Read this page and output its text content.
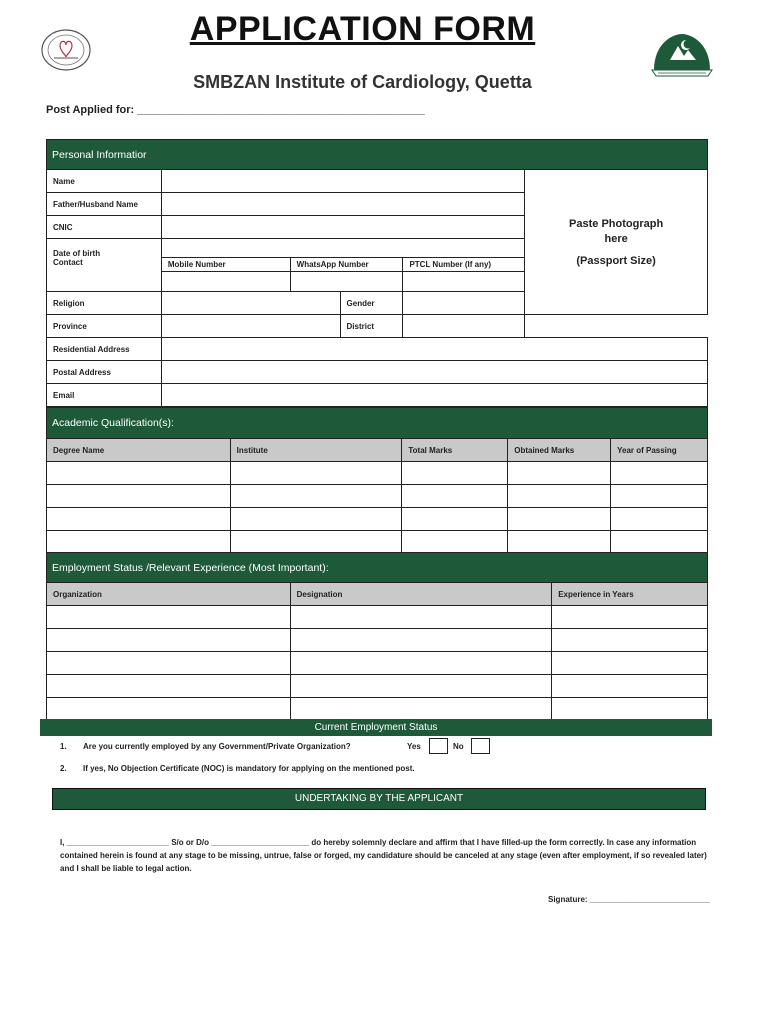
APPLICATION FORM
SMBZAN Institute of Cardiology, Quetta
Post Applied for: _______________________________________________
Personal Informatior					
Name					Paste Photograph
here
(Passport Size)

Father/Husband Name					
CNIC					
Date of birth					
Contact	Mobile Number	WhatsApp Number		PTCL Number (If any)	

Religion			Gender		
Province			District		
Residential Address					
Postal Address					
Email					
Academic Qualification(s):				
Degree Name	Institute	Total Marks	Obtained Marks	Year of Passing

Employment Status /Relevant Experience (Most Important):		
Organization	Designation	Experience in Years

Current Employment Status
1. Are you currently employed by any Government/Private Organization?	Yes	No
2. If yes, No Objection Certificate (NOC) is mandatory for applying on the mentioned post.
UNDERTAKING BY THE APPLICANT
I, _______________________ S/o or D/o ______________________ do hereby solemnly declare and affirm that I have filled-up the form correctly. In case any information contained herein is found at any stage to be missing, untrue, false or forged, my candidature should be canceled at any stage (even after employment, if so revealed later) and I shall be liable to legal action.
Signature: ___________________________
